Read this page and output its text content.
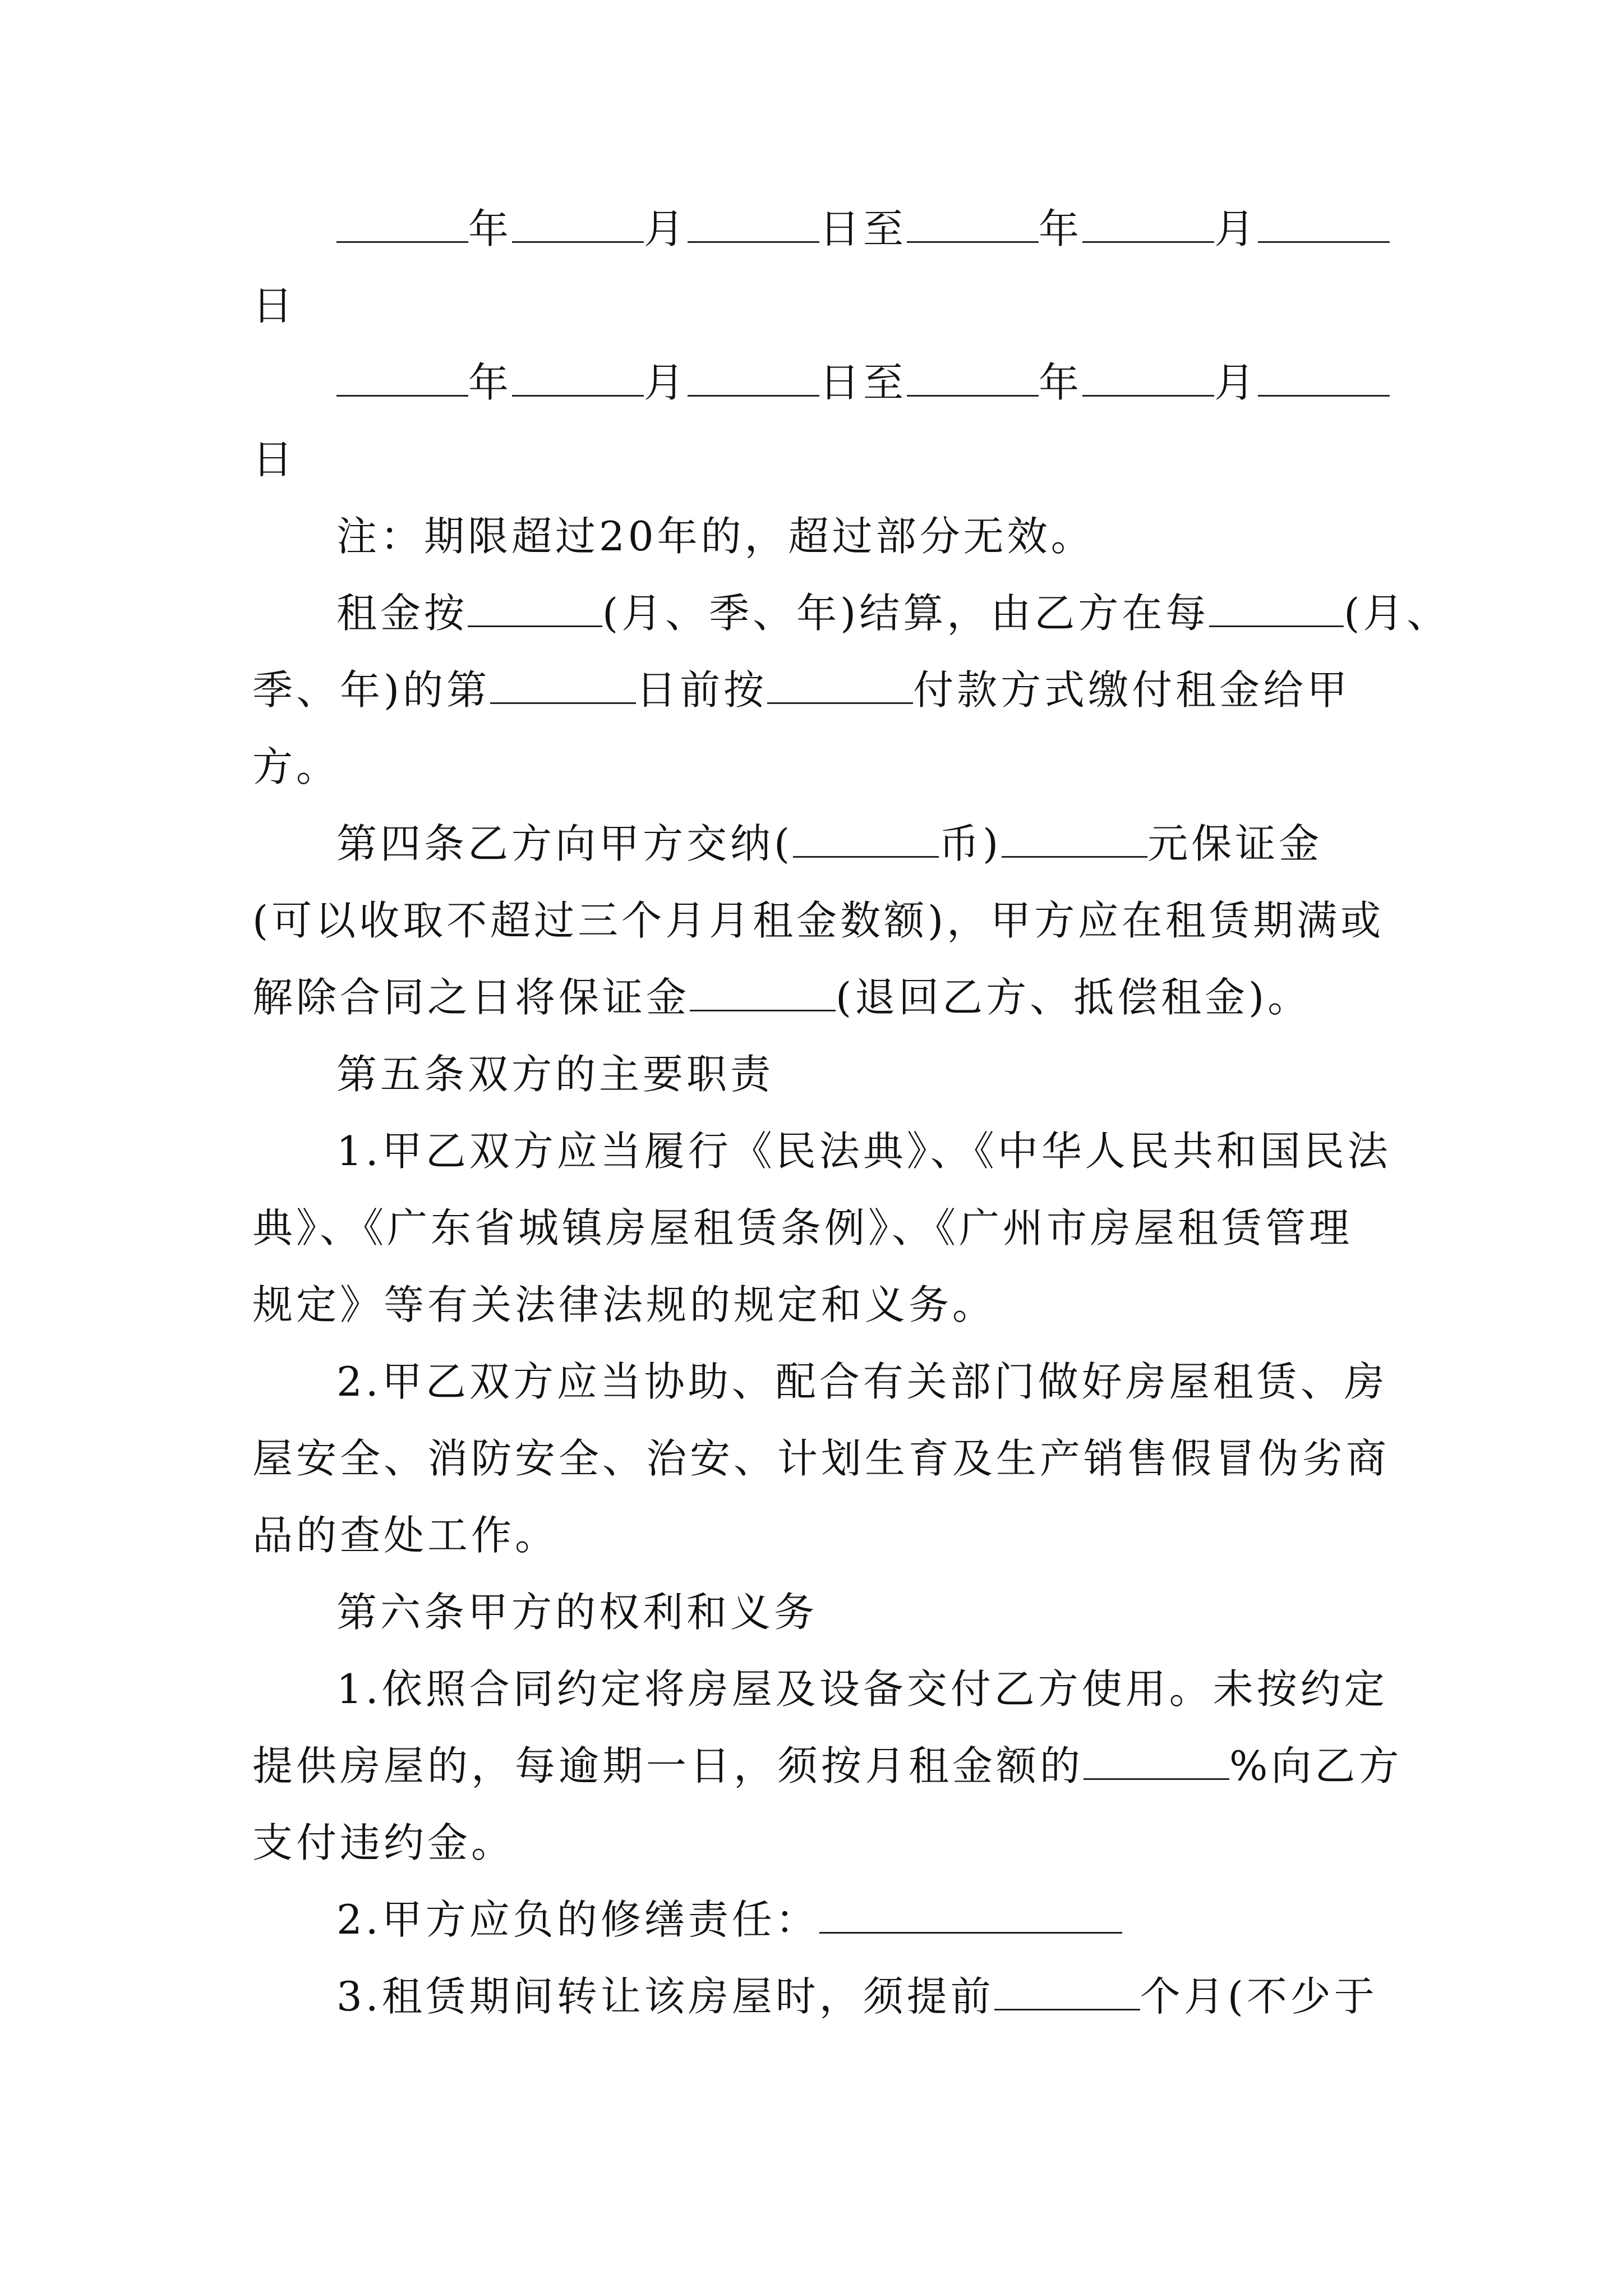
年	月	日至	年	月
日
年	月	日至	年	月
日
注：期限超过20年的，超过部分无效。
租金按	(月、季、年)结算，由乙方在每	(月、
季、年)的第	日前按	付款方式缴付租金给甲
方。
第四条乙方向甲方交纳(	币)	元保证金
(可以收取不超过三个月月租金数额)，甲方应在租赁期满或
解除合同之日将保证金	(退回乙方、抵偿租金)。
第五条双方的主要职责
1.甲乙双方应当履行《民法典》、《中华人民共和国民法
典》、《广东省城镇房屋租赁条例》、《广州市房屋租赁管理
规定》等有关法律法规的规定和义务。
2.甲乙双方应当协助、配合有关部门做好房屋租赁、房
屋安全、消防安全、治安、计划生育及生产销售假冒伪劣商
品的查处工作。
第六条甲方的权利和义务
1.依照合同约定将房屋及设备交付乙方使用。未按约定
提供房屋的，每逾期一日，须按月租金额的	%向乙方
支付违约金。
2.甲方应负的修缮责任：
3.租赁期间转让该房屋时，须提前	个月(不少于
